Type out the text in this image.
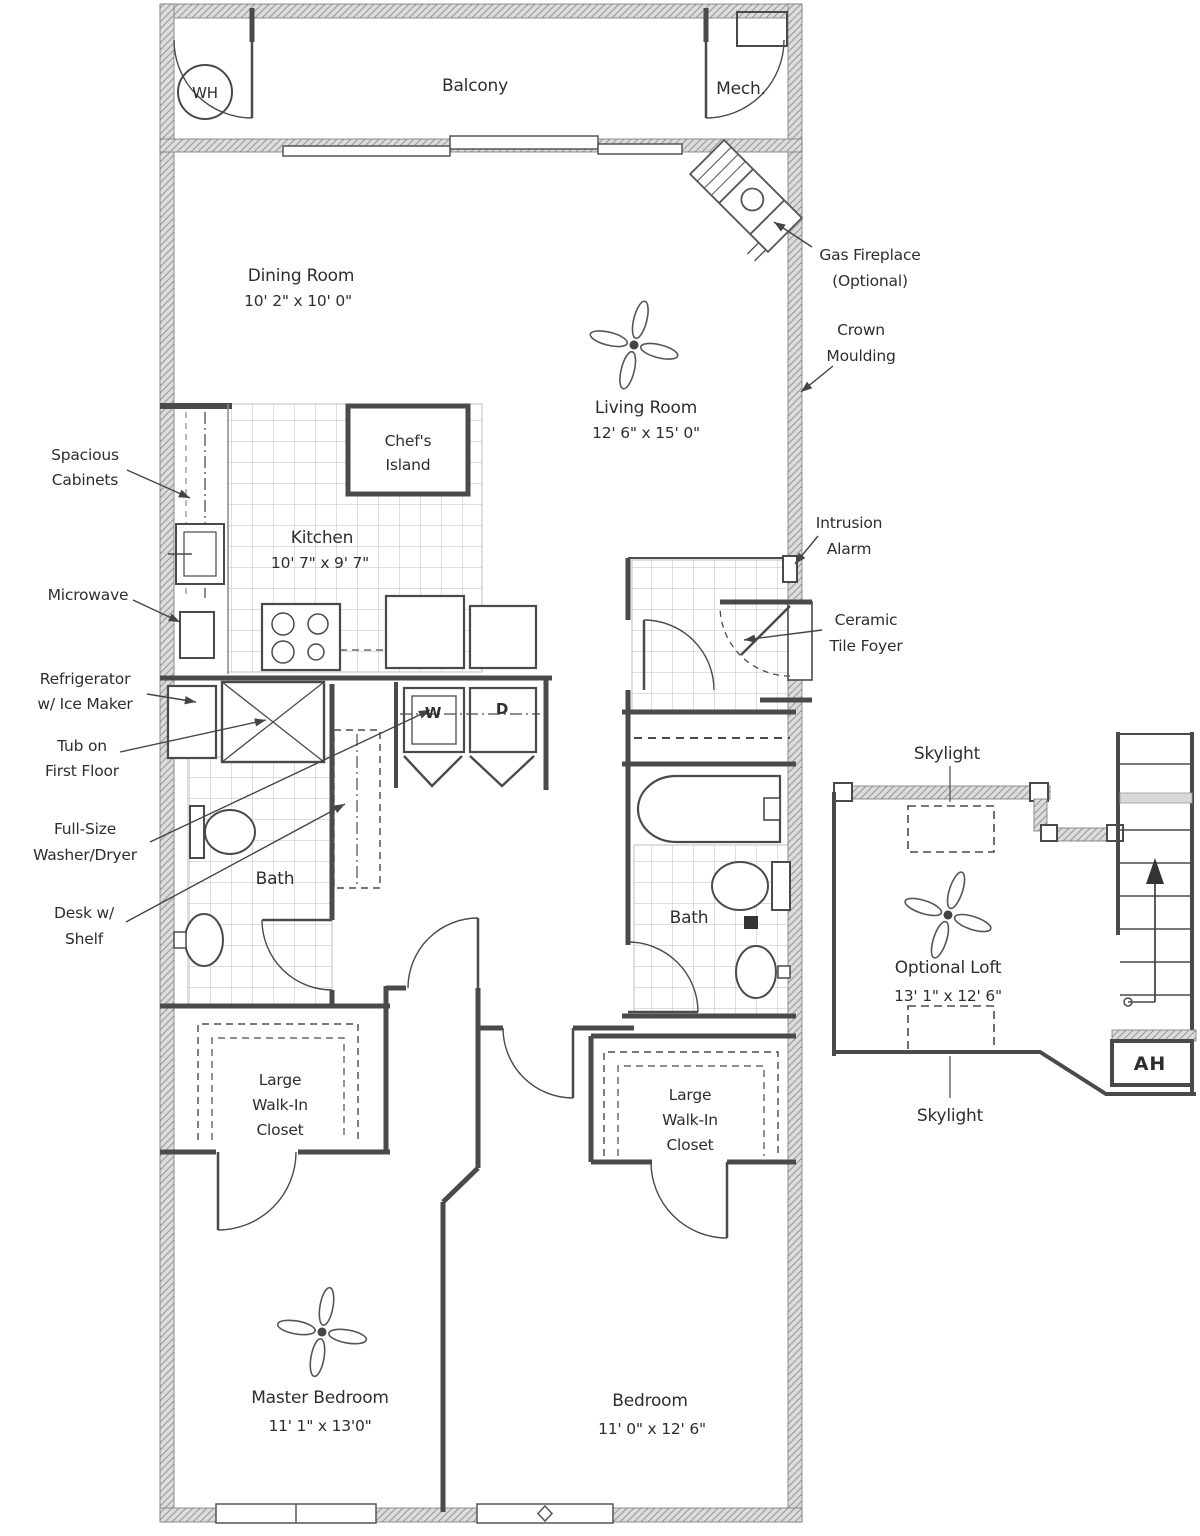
WH	Balcony	Mech.
Gas Fireplace
(Optional)
Crown
Moulding
Dining Room
10' 2" x 10' 0"
Living Room
12' 6" x 15' 0"
Chef's
Island
Kitchen
10' 7" x 9' 7"
Spacious
Cabinets
Microwave
Refrigerator
w/ Ice Maker
Tub on
First Floor
Full-Size
Washer/Dryer
Desk w/
Shelf
Bath
Intrusion
Alarm
Ceramic
Tile Foyer
Bath
W	D
Skylight
Optional Loft
13' 1" x 12' 6"
Skylight
AH
Large
Walk-In
Closet
Large
Walk-In
Closet
Master Bedroom
11' 1" x 13'0"
Bedroom
11' 0" x 12' 6"
